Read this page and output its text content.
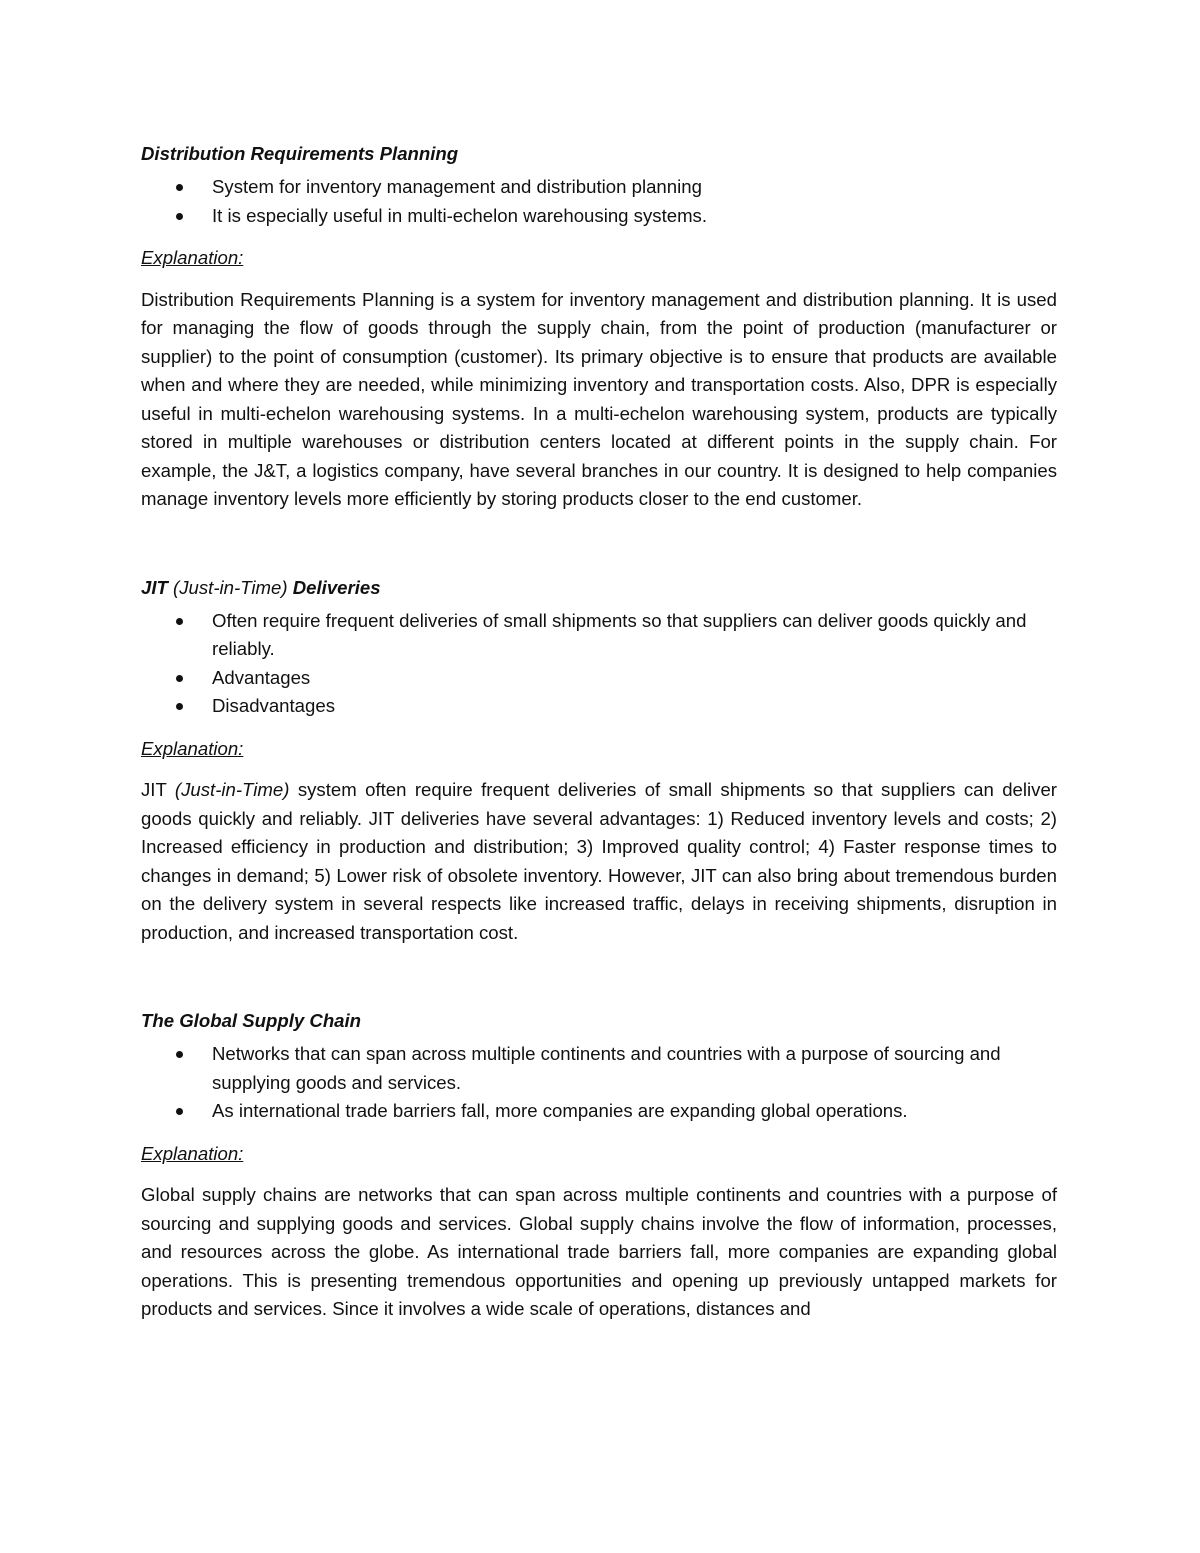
Distribution Requirements Planning

System for inventory management and distribution planning
It is especially useful in multi-echelon warehousing systems.

Explanation:

Distribution Requirements Planning is a system for inventory management and distribution planning. It is used for managing the flow of goods through the supply chain, from the point of production (manufacturer or supplier) to the point of consumption (customer). Its primary objective is to ensure that products are available when and where they are needed, while minimizing inventory and transportation costs. Also, DPR is especially useful in multi-echelon warehousing systems. In a multi-echelon warehousing system, products are typically stored in multiple warehouses or distribution centers located at different points in the supply chain. For example, the J&T, a logistics company, have several branches in our country. It is designed to help companies manage inventory levels more efficiently by storing products closer to the end customer.

JIT (Just-in-Time) Deliveries

Often require frequent deliveries of small shipments so that suppliers can deliver goods quickly and reliably.
Advantages
Disadvantages

Explanation:

JIT (Just-in-Time) system often require frequent deliveries of small shipments so that suppliers can deliver goods quickly and reliably. JIT deliveries have several advantages: 1) Reduced inventory levels and costs; 2) Increased efficiency in production and distribution; 3) Improved quality control; 4) Faster response times to changes in demand; 5) Lower risk of obsolete inventory. However, JIT can also bring about tremendous burden on the delivery system in several respects like increased traffic, delays in receiving shipments, disruption in production, and increased transportation cost.

The Global Supply Chain

Networks that can span across multiple continents and countries with a purpose of sourcing and supplying goods and services.
As international trade barriers fall, more companies are expanding global operations.

Explanation:

Global supply chains are networks that can span across multiple continents and countries with a purpose of sourcing and supplying goods and services. Global supply chains involve the flow of information, processes, and resources across the globe. As international trade barriers fall, more companies are expanding global operations. This is presenting tremendous opportunities and opening up previously untapped markets for products and services. Since it involves a wide scale of operations, distances and
